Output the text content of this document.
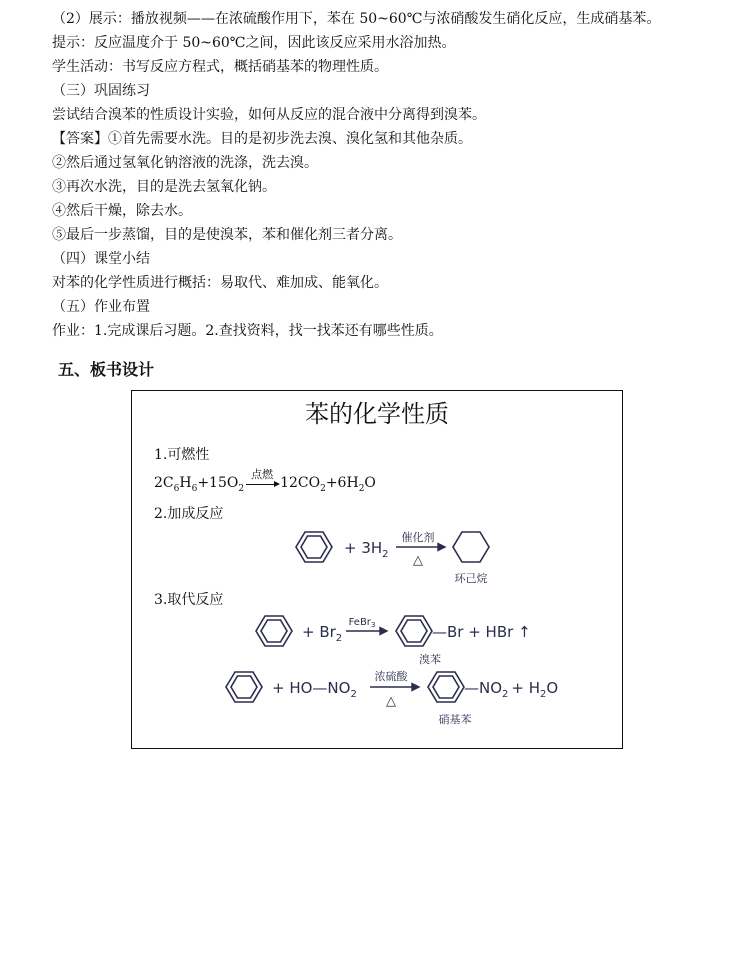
（2）展示：播放视频——在浓硫酸作用下，苯在 50~60℃与浓硝酸发生硝化反应，生成硝基苯。
提示：反应温度介于 50~60℃之间，因此该反应采用水浴加热。
学生活动：书写反应方程式，概括硝基苯的物理性质。
（三）巩固练习
尝试结合溴苯的性质设计实验，如何从反应的混合液中分离得到溴苯。
【答案】①首先需要水洗。目的是初步洗去溴、溴化氢和其他杂质。
②然后通过氢氧化钠溶液的洗涤，洗去溴。
③再次水洗，目的是洗去氢氧化钠。
④然后干燥，除去水。
⑤最后一步蒸馏，目的是使溴苯，苯和催化剂三者分离。
（四）课堂小结
对苯的化学性质进行概括：易取代、难加成、能氧化。
（五）作业布置
作业：1.完成课后习题。2.查找资料，找一找苯还有哪些性质。
五、板书设计
苯的化学性质
1.可燃性
$2C_6H_6+15O_2$
点燃
$12CO_2+6H_2O$
2.加成反应
+ $3H_2$
催化剂
△
环己烷
3.取代反应
+ $Br_2$
FeBr$_3$	—Br + HBr ↑
溴苯
+ $HO—NO_2$
浓硫酸
△
$—NO_2 + H_2O$
硝基苯
